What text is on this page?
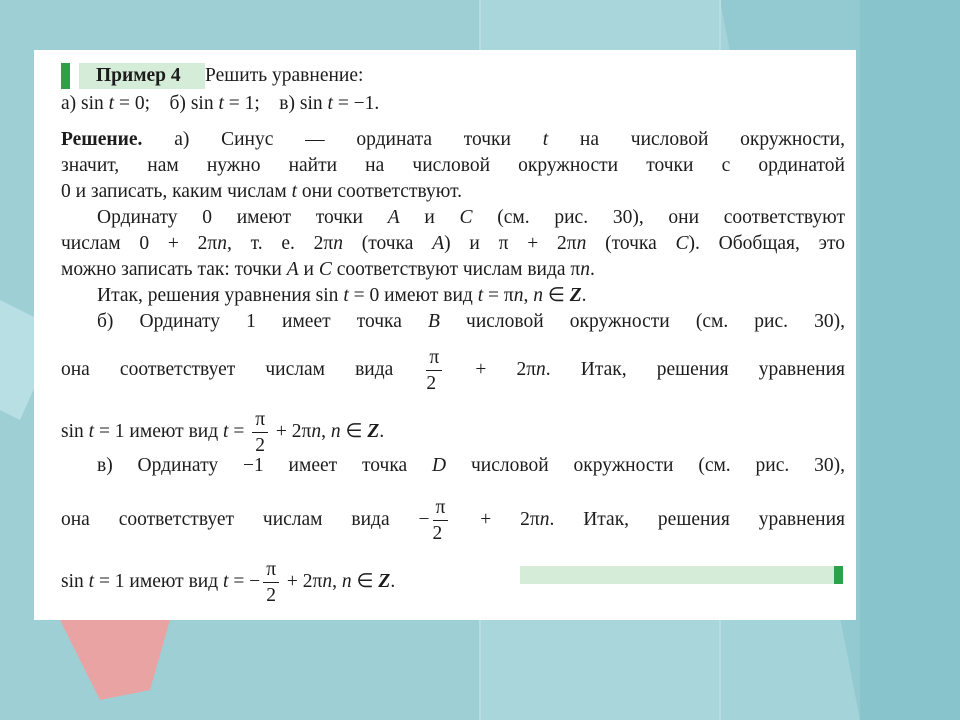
Пример 4 Решить уравнение:
а) sin t = 0;    б) sin t = 1;    в) sin t = −1.
Решение. а) Синус — ордината точки t на числовой окружности,
значит, нам нужно найти на числовой окружности точки с ординатой
0 и записать, каким числам t они соответствуют.
Ординату 0 имеют точки A и C (см. рис. 30), они соответствуют
числам 0 + 2πn, т. е. 2πn (точка A) и π + 2πn (точка C). Обобщая, это
можно записать так: точки A и C соответствуют числам вида πn.
Итак, решения уравнения sin t = 0 имеют вид t = πn, n ∈ Z.
б) Ординату 1 имеет точка B числовой окружности (см. рис. 30),
она соответствует числам вида $\frac{\pi}{2} + 2\pi n$. Итак, решения уравнения
sin t = 1 имеют вид $t = \frac{\pi}{2} + 2\pi n$, n ∈ Z.
в) Ординату −1 имеет точка D числовой окружности (см. рис. 30),
она соответствует числам вида − $\frac{\pi}{2} + 2\pi n$. Итак, решения уравнения
sin t = 1 имеют вид t = − $\frac{\pi}{2} + 2\pi n$, n ∈ Z.
